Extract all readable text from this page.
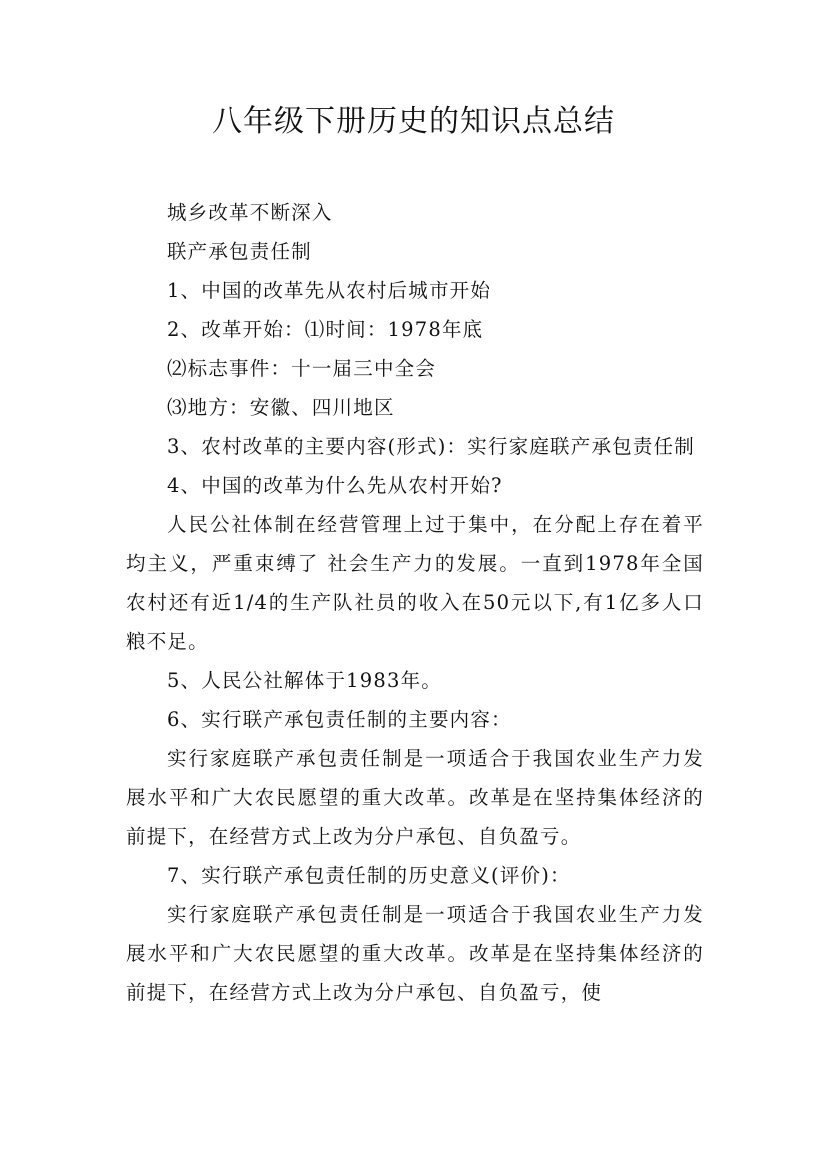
八年级下册历史的知识点总结

城乡改革不断深入

联产承包责任制

1、中国的改革先从农村后城市开始

2、改革开始：⑴时间：1978年底

⑵标志事件：十一届三中全会

⑶地方：安徽、四川地区

3、农村改革的主要内容(形式)：实行家庭联产承包责任制

4、中国的改革为什么先从农村开始?

人民公社体制在经营管理上过于集中，在分配上存在着平均主义，严重束缚了 社会生产力的发展。一直到1978年全国农村还有近1/4的生产队社员的收入在50元以下,有1亿多人口粮不足。

5、人民公社解体于1983年。

6、实行联产承包责任制的主要内容：

实行家庭联产承包责任制是一项适合于我国农业生产力发展水平和广大农民愿望的重大改革。改革是在坚持集体经济的前提下，在经营方式上改为分户承包、自负盈亏。

7、实行联产承包责任制的历史意义(评价)：

实行家庭联产承包责任制是一项适合于我国农业生产力发展水平和广大农民愿望的重大改革。改革是在坚持集体经济的前提下，在经营方式上改为分户承包、自负盈亏，使
